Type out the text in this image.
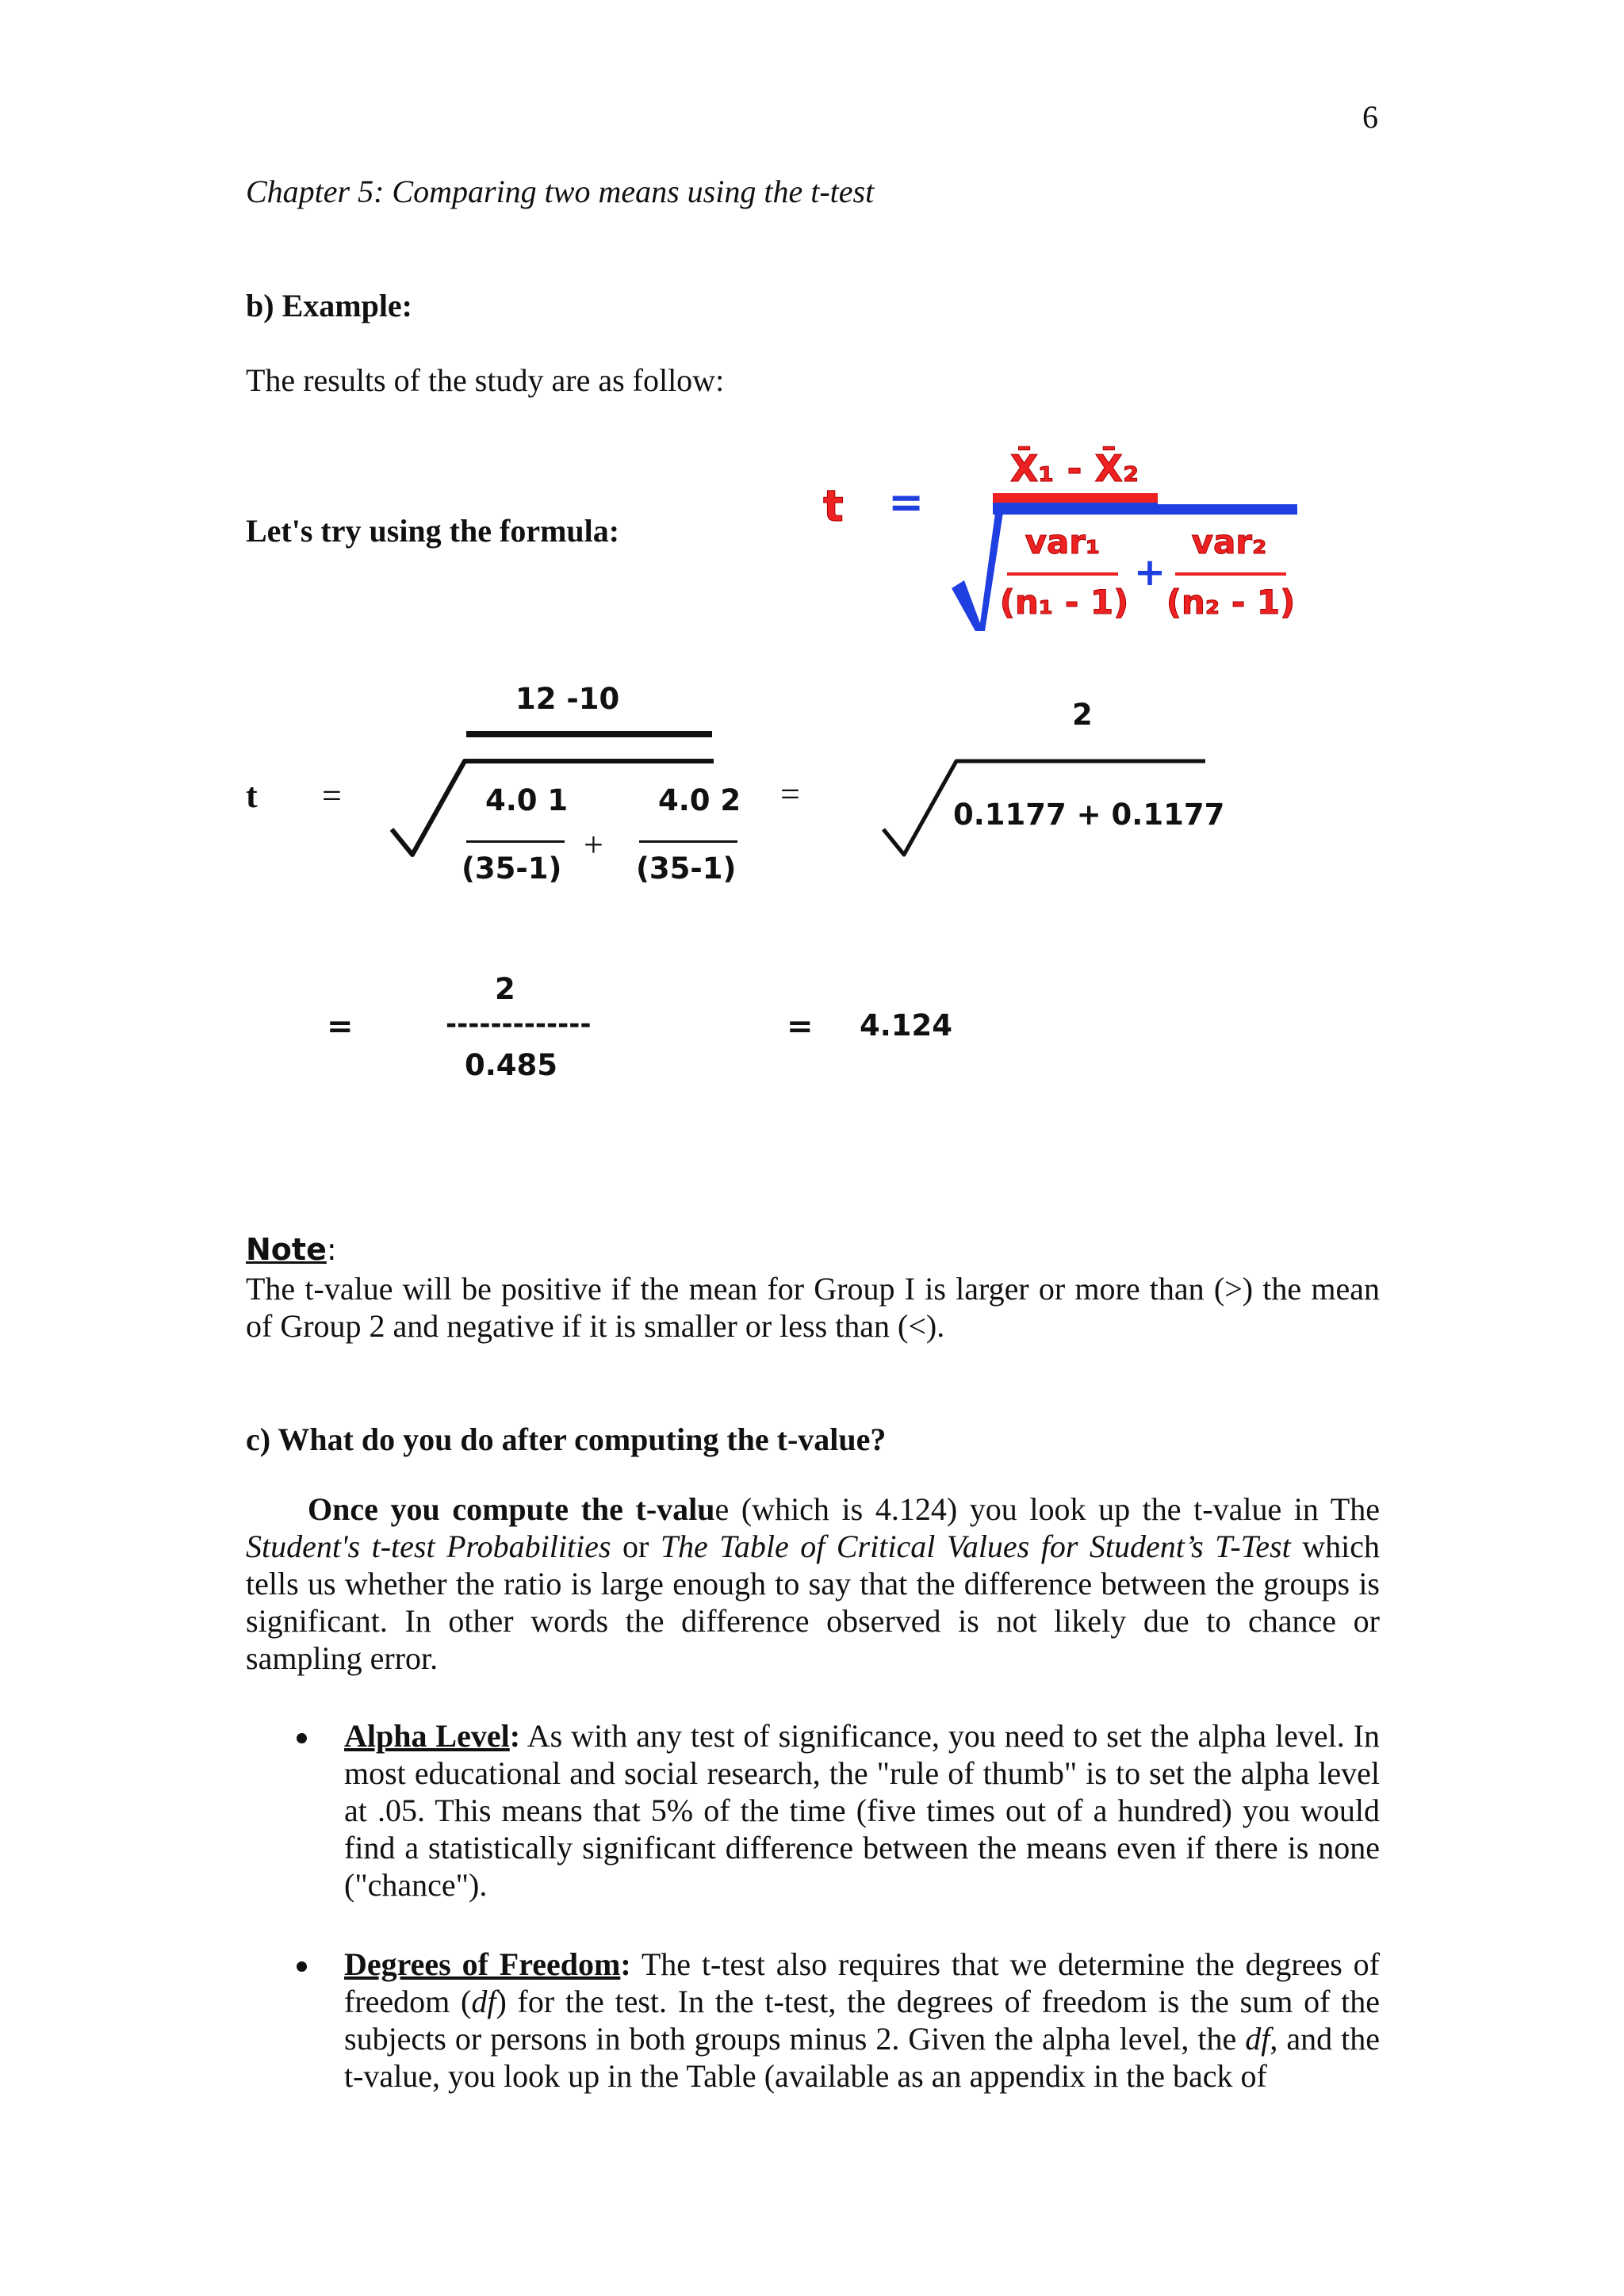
6
Chapter 5: Comparing two means using the t-test
b) Example:
The results of the study are as follow:
Let's try using the formula:	t =
X̄₁ - X̄₂
var₁
(n₁ - 1)
+
var₂
(n₂ - 1)
t =
12 -10
4.0 1	4.0 2
+
(35-1)	(35-1)
=
2
0.1177 + 0.1177
=
2
-------------
0.485
= 4.124
Note:
The t-value will be positive if the mean for Group I is larger or more than (>) the mean of Group 2 and negative if it is smaller or less than (<).
c) What do you do after computing the t-value?
Once you compute the t-value (which is 4.124) you look up the t-value in The Student's t-test Probabilities or The Table of Critical Values for Student’s T-Test which tells us whether the ratio is large enough to say that the difference between the groups is significant. In other words the difference observed is not likely due to chance or sampling error.
Alpha Level: As with any test of significance, you need to set the alpha level. In most educational and social research, the "rule of thumb" is to set the alpha level at .05. This means that 5% of the time (five times out of a hundred) you would find a statistically significant difference between the means even if there is none ("chance").
Degrees of Freedom: The t-test also requires that we determine the degrees of freedom (df) for the test. In the t-test, the degrees of freedom is the sum of the subjects or persons in both groups minus 2. Given the alpha level, the df, and the t-value, you look up in the Table (available as an appendix in the back of
